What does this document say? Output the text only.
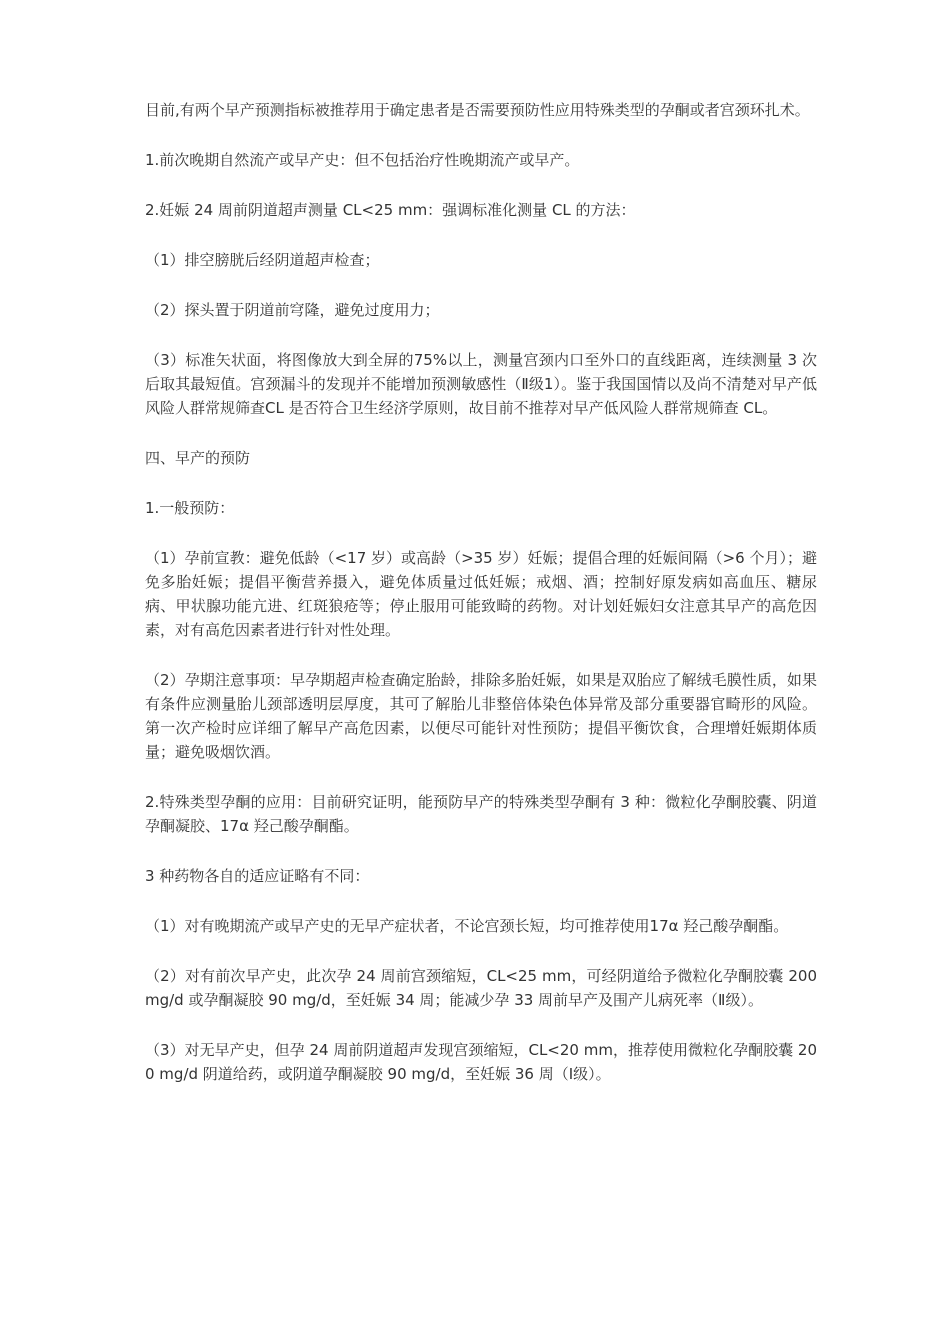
目前,有两个早产预测指标被推荐用于确定患者是否需要预防性应用特殊类型的孕酮或者宫颈环扎术。

1.前次晚期自然流产或早产史：但不包括治疗性晚期流产或早产。

2.妊娠 24 周前阴道超声测量 CL<25 mm：强调标准化测量 CL 的方法：

（1）排空膀胱后经阴道超声检查；

（2）探头置于阴道前穹隆，避免过度用力；

（3）标准矢状面，将图像放大到全屏的75%以上，测量宫颈内口至外口的直线距离，连续测量 3 次后取其最短值。宫颈漏斗的发现并不能增加预测敏感性（Ⅱ级1）。鉴于我国国情以及尚不清楚对早产低风险人群常规筛查CL 是否符合卫生经济学原则，故目前不推荐对早产低风险人群常规筛查 CL。

四、早产的预防

1.一般预防：

（1）孕前宣教：避免低龄（<17 岁）或高龄（>35 岁）妊娠；提倡合理的妊娠间隔（>6 个月）；避免多胎妊娠；提倡平衡营养摄入，避免体质量过低妊娠；戒烟、酒；控制好原发病如高血压、糖尿病、甲状腺功能亢进、红斑狼疮等；停止服用可能致畸的药物。对计划妊娠妇女注意其早产的高危因素，对有高危因素者进行针对性处理。

（2）孕期注意事项：早孕期超声检查确定胎龄，排除多胎妊娠，如果是双胎应了解绒毛膜性质，如果有条件应测量胎儿颈部透明层厚度，其可了解胎儿非整倍体染色体异常及部分重要器官畸形的风险。第一次产检时应详细了解早产高危因素，以便尽可能针对性预防；提倡平衡饮食，合理增妊娠期体质量；避免吸烟饮酒。

2.特殊类型孕酮的应用：目前研究证明，能预防早产的特殊类型孕酮有 3 种：微粒化孕酮胶囊、阴道孕酮凝胶、17α 羟己酸孕酮酯。

3 种药物各自的适应证略有不同：

（1）对有晚期流产或早产史的无早产症状者，不论宫颈长短，均可推荐使用17α 羟己酸孕酮酯。

（2）对有前次早产史，此次孕 24 周前宫颈缩短，CL<25 mm，可经阴道给予微粒化孕酮胶囊 200 mg/d 或孕酮凝胶 90 mg/d，至妊娠 34 周；能减少孕 33 周前早产及围产儿病死率（Ⅱ级）。

（3）对无早产史，但孕 24 周前阴道超声发现宫颈缩短，CL<20 mm，推荐使用微粒化孕酮胶囊 200 mg/d 阴道给药，或阴道孕酮凝胶 90 mg/d，至妊娠 36 周（Ⅰ级）。
